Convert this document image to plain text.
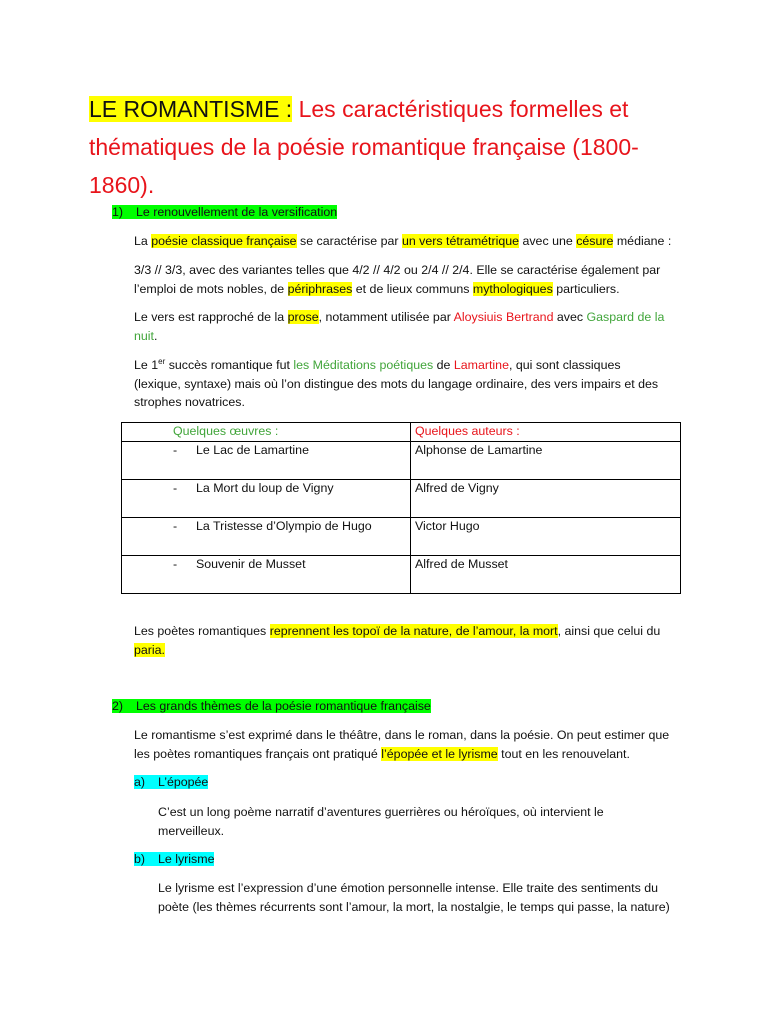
LE ROMANTISME : Les caractéristiques formelles et thématiques de la poésie romantique française (1800-1860).
1) Le renouvellement de la versification
La poésie classique française se caractérise par un vers tétramétrique avec une césure médiane :
3/3 // 3/3, avec des variantes telles que 4/2 // 4/2 ou 2/4 // 2/4. Elle se caractérise également par l’emploi de mots nobles, de périphrases et de lieux communs mythologiques particuliers.
Le vers est rapproché de la prose, notamment utilisée par Aloysiuis Bertrand avec Gaspard de la nuit.
Le 1er succès romantique fut les Méditations poétiques de Lamartine, qui sont classiques (lexique, syntaxe) mais où l’on distingue des mots du langage ordinaire, des vers impairs et des strophes novatrices.
Quelques œuvres :	Quelques auteurs :

- Le Lac de Lamartine	Alphonse de Lamartine

- La Mort du loup de Vigny	Alfred de Vigny

- La Tristesse d’Olympio de Hugo	Victor Hugo

- Souvenir de Musset	Alfred de Musset
Les poètes romantiques reprennent les topoï de la nature, de l’amour, la mort, ainsi que celui du paria.
2) Les grands thèmes de la poésie romantique française
Le romantisme s’est exprimé dans le théâtre, dans le roman, dans la poésie. On peut estimer que les poètes romantiques français ont pratiqué l’épopée et le lyrisme tout en les renouvelant.
a) L’épopée
C’est un long poème narratif d’aventures guerrières ou héroïques, où intervient le merveilleux.
b) Le lyrisme
Le lyrisme est l’expression d’une émotion personnelle intense. Elle traite des sentiments du poète (les thèmes récurrents sont l’amour, la mort, la nostalgie, le temps qui passe, la nature)
